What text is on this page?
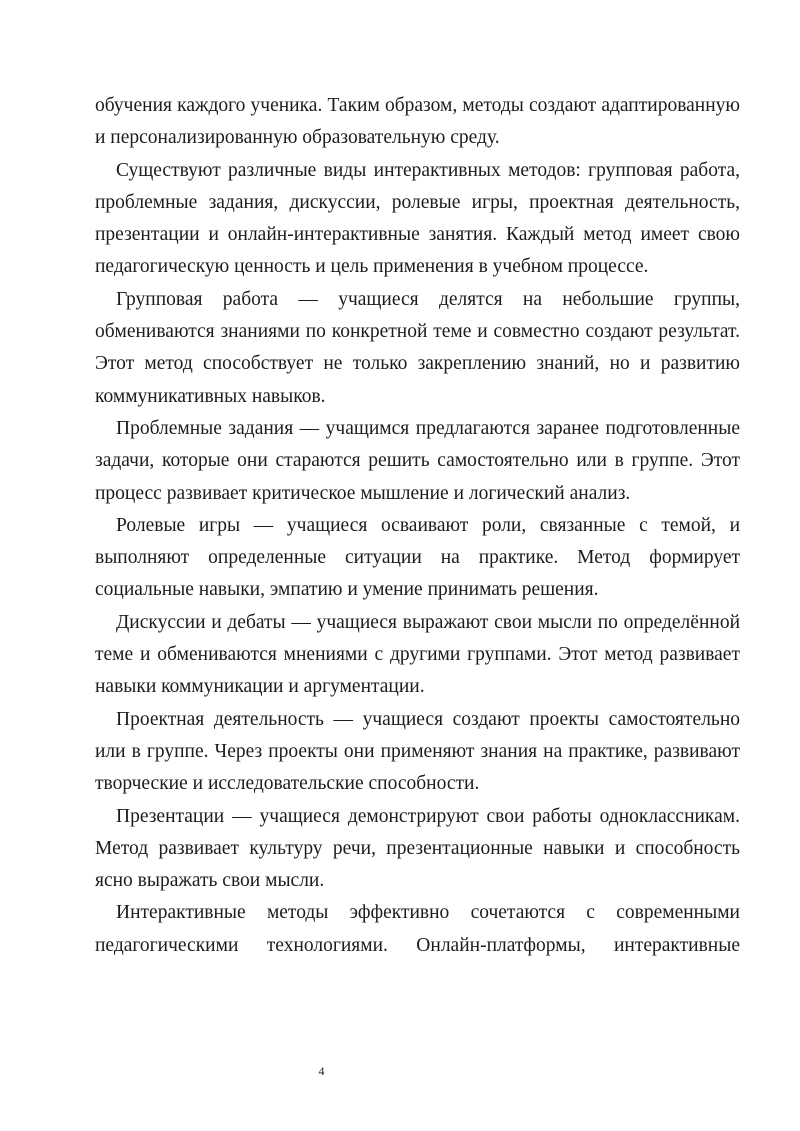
обучения каждого ученика. Таким образом, методы создают адаптированную и персонализированную образовательную среду.

Существуют различные виды интерактивных методов: групповая работа, проблемные задания, дискуссии, ролевые игры, проектная деятельность, презентации и онлайн-интерактивные занятия. Каждый метод имеет свою педагогическую ценность и цель применения в учебном процессе.

Групповая работа — учащиеся делятся на небольшие группы, обмениваются знаниями по конкретной теме и совместно создают результат. Этот метод способствует не только закреплению знаний, но и развитию коммуникативных навыков.

Проблемные задания — учащимся предлагаются заранее подготовленные задачи, которые они стараются решить самостоятельно или в группе. Этот процесс развивает критическое мышление и логический анализ.

Ролевые игры — учащиеся осваивают роли, связанные с темой, и выполняют определенные ситуации на практике. Метод формирует социальные навыки, эмпатию и умение принимать решения.

Дискуссии и дебаты — учащиеся выражают свои мысли по определённой теме и обмениваются мнениями с другими группами. Этот метод развивает навыки коммуникации и аргументации.

Проектная деятельность — учащиеся создают проекты самостоятельно или в группе. Через проекты они применяют знания на практике, развивают творческие и исследовательские способности.

Презентации — учащиеся демонстрируют свои работы одноклассникам. Метод развивает культуру речи, презентационные навыки и способность ясно выражать свои мысли.

Интерактивные методы эффективно сочетаются с современными педагогическими технологиями. Онлайн-платформы, интерактивные

4
